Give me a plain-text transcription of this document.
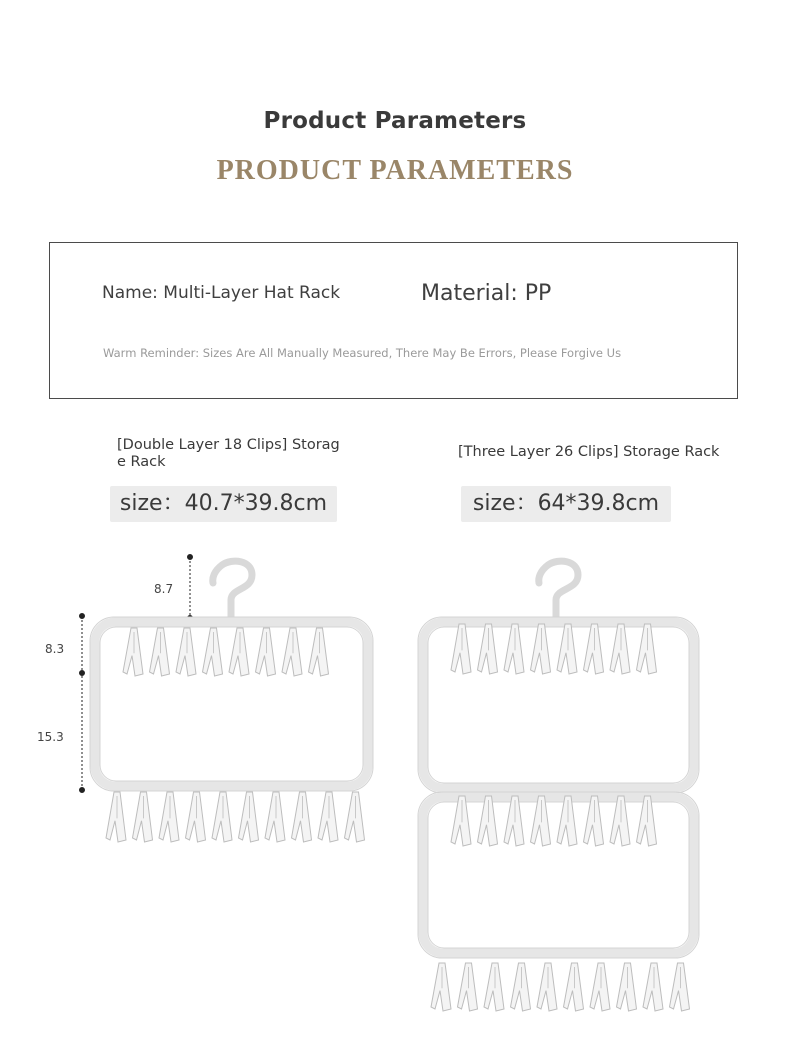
Product Parameters
PRODUCT PARAMETERS
Name: Multi-Layer Hat Rack	Material: PP
Warm Reminder: Sizes Are All Manually Measured, There May Be Errors, Please Forgive Us
[Double Layer 18 Clips] Storag
e Rack
[Three Layer 26 Clips] Storage Rack
size：40.7*39.8cm	size：64*39.8cm
8.7
8.3
15.3
